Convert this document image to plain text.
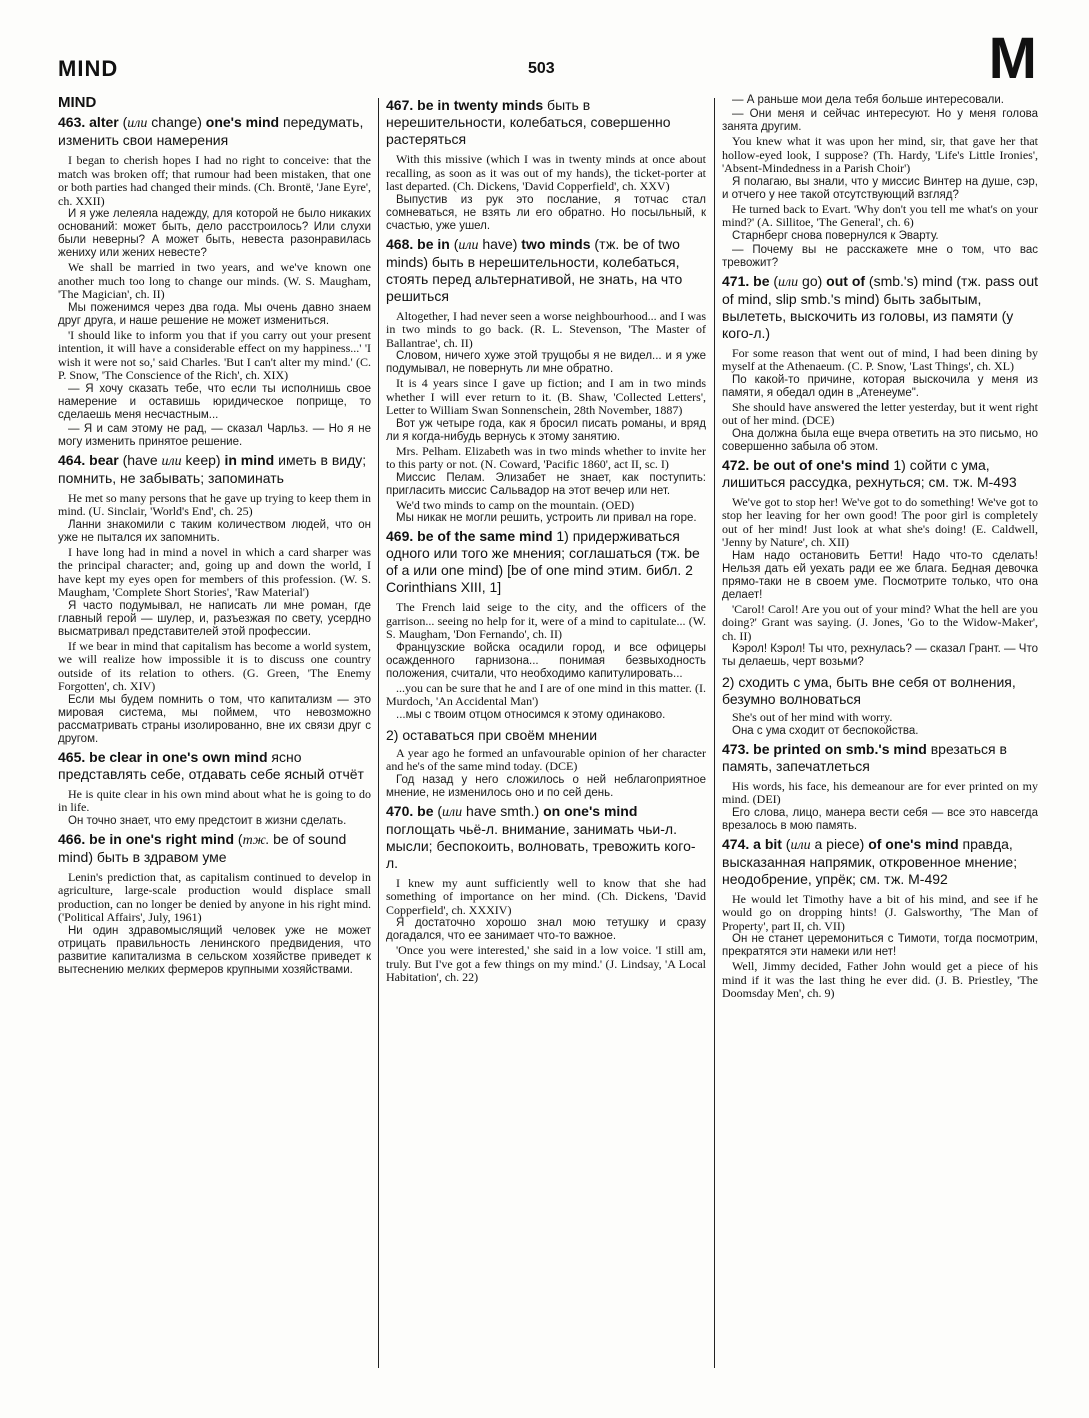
MIND	503	M
MIND
463. alter (или change) one's mind передумать, изменить свои намерения

I began to cherish hopes I had no right to conceive: that the match was broken off; that rumour had been mistaken, that one or both parties had changed their minds. (Ch. Brontë, 'Jane Eyre', ch. XXII)

И я уже лелеяла надежду, для которой не было никаких оснований: может быть, дело расстроилось? Или слухи были неверны? А может быть, невеста разонравилась жениху или жених невесте?

We shall be married in two years, and we've known one another much too long to change our minds. (W. S. Maugham, 'The Magician', ch. II)

Мы поженимся через два года. Мы очень давно знаем друг друга, и наше решение не может измениться.

'I should like to inform you that if you carry out your present intention, it will have a considerable effect on my happiness...' 'I wish it were not so,' said Charles. 'But I can't alter my mind.' (C. P. Snow, 'The Conscience of the Rich', ch. XIX)

— Я хочу сказать тебе, что если ты исполнишь свое намерение и оставишь юридическое поприще, то сделаешь меня несчастным...

— Я и сам этому не рад, — сказал Чарльз. — Но я не могу изменить принятое решение.

464. bear (have или keep) in mind иметь в виду; помнить, не забывать; запоминать

He met so many persons that he gave up trying to keep them in mind. (U. Sinclair, 'World's End', ch. 25)

Ланни знакомили с таким количеством людей, что он уже не пытался их запомнить.

I have long had in mind a novel in which a card sharper was the principal character; and, going up and down the world, I have kept my eyes open for members of this profession. (W. S. Maugham, 'Complete Short Stories', 'Raw Material')

Я часто подумывал, не написать ли мне роман, где главный герой — шулер, и, разъезжая по свету, усердно высматривал представителей этой профессии.

If we bear in mind that capitalism has become a world system, we will realize how impossible it is to discuss one country outside of its relation to others. (G. Green, 'The Enemy Forgotten', ch. XIV)

Если мы будем помнить о том, что капитализм — это мировая система, мы поймем, что невозможно рассматривать страны изолированно, вне их связи друг с другом.

465. be clear in one's own mind ясно представлять себе, отдавать себе ясный отчёт

He is quite clear in his own mind about what he is going to do in life.

Он точно знает, что ему предстоит в жизни сделать.

466. be in one's right mind (тж. be of sound mind) быть в здравом уме

Lenin's prediction that, as capitalism continued to develop in agriculture, large-scale production would displace small production, can no longer be denied by anyone in his right mind. ('Political Affairs', July, 1961)

Ни один здравомыслящий человек уже не может отрицать правильность ленинского предвидения, что развитие капитализма в сельском хозяйстве приведет к вытеснению мелких фермеров крупными хозяйствами.

467. be in twenty minds быть в нерешительности, колебаться, совершенно растеряться

With this missive (which I was in twenty minds at once about recalling, as soon as it was out of my hands), the ticket-porter at last departed. (Ch. Dickens, 'David Copperfield', ch. XXV)

Выпустив из рук это послание, я тотчас стал сомневаться, не взять ли его обратно. Но посыльный, к счастью, уже ушел.

468. be in (или have) two minds (тж. be of two minds) быть в нерешительности, колебаться, стоять перед альтернативой, не знать, на что решиться

Altogether, I had never seen a worse neighbourhood... and I was in two minds to go back. (R. L. Stevenson, 'The Master of Ballantrae', ch. II)

Словом, ничего хуже этой трущобы я не видел... и я уже подумывал, не повернуть ли мне обратно.

It is 4 years since I gave up fiction; and I am in two minds whether I will ever return to it. (B. Shaw, 'Collected Letters', Letter to William Swan Sonnenschein, 28th November, 1887)

Вот уж четыре года, как я бросил писать романы, и вряд ли я когда-нибудь вернусь к этому занятию.

Mrs. Pelham. Elizabeth was in two minds whether to invite her to this party or not. (N. Coward, 'Pacific 1860', act II, sc. I)

Миссис Пелам. Элизабет не знает, как поступить: пригласить миссис Сальвадор на этот вечер или нет.

We'd two minds to camp on the mountain. (OED)

Мы никак не могли решить, устроить ли привал на горе.

469. be of the same mind 1) придерживаться одного или того же мнения; соглашаться (тж. be of a или one mind) [be of one mind этим. библ. 2 Corinthians XIII, 1]

The French laid seige to the city, and the officers of the garrison... seeing no help for it, were of a mind to capitulate... (W. S. Maugham, 'Don Fernando', ch. II)

Французские войска осадили город, и все офицеры осажденного гарнизона... понимая безвыходность положения, считали, что необходимо капитулировать...

...you can be sure that he and I are of one mind in this matter. (I. Murdoch, 'An Accidental Man')

...мы с твоим отцом относимся к этому одинаково.

2) оставаться при своём мнении

A year ago he formed an unfavourable opinion of her character and he's of the same mind today. (DCE)

Год назад у него сложилось о ней неблагоприятное мнение, не изменилось оно и по сей день.

470. be (или have smth.) on one's mind поглощать чьё-л. внимание, занимать чьи-л. мысли; беспокоить, волновать, тревожить кого-л.

I knew my aunt sufficiently well to know that she had something of importance on her mind. (Ch. Dickens, 'David Copperfield', ch. XXXIV)

Я достаточно хорошо знал мою тетушку и сразу догадался, что ее занимает что-то важное.

'Once you were interested,' she said in a low voice. 'I still am, truly. But I've got a few things on my mind.' (J. Lindsay, 'A Local Habitation', ch. 22)

— А раньше мои дела тебя больше интересовали.

— Они меня и сейчас интересуют. Но у меня голова занята другим.

You knew what it was upon her mind, sir, that gave her that hollow-eyed look, I suppose? (Th. Hardy, 'Life's Little Ironies', 'Absent-Mindedness in a Parish Choir')

Я полагаю, вы знали, что у миссис Винтер на душе, сэр, и отчего у нее такой отсутствующий взгляд?

He turned back to Evart. 'Why don't you tell me what's on your mind?' (A. Sillitoe, 'The General', ch. 6)

Старнберг снова повернулся к Эварту.

— Почему вы не расскажете мне о том, что вас тревожит?

471. be (или go) out of (smb.'s) mind (тж. pass out of mind, slip smb.'s mind) быть забытым, вылететь, выскочить из головы, из памяти (у кого-л.)

For some reason that went out of mind, I had been dining by myself at the Athenaeum. (C. P. Snow, 'Last Things', ch. XL)

По какой-то причине, которая выскочила у меня из памяти, я обедал один в „Атенеуме".

She should have answered the letter yesterday, but it went right out of her mind. (DCE)

Она должна была еще вчера ответить на это письмо, но совершенно забыла об этом.

472. be out of one's mind 1) сойти с ума, лишиться рассудка, рехнуться; см. тж. M-493

We've got to stop her! We've got to do something! We've got to stop her leaving for her own good! The poor girl is completely out of her mind! Just look at what she's doing! (E. Caldwell, 'Jenny by Nature', ch. XII)

Нам надо остановить Бетти! Надо что-то сделать! Нельзя дать ей уехать ради ее же блага. Бедная девочка прямо-таки не в своем уме. Посмотрите только, что она делает!

'Carol! Carol! Are you out of your mind? What the hell are you doing?' Grant was saying. (J. Jones, 'Go to the Widow-Maker', ch. II)

Кэрол! Кэрол! Ты что, рехнулась? — сказал Грант. — Что ты делаешь, черт возьми?

2) сходить с ума, быть вне себя от волнения, безумно волноваться

She's out of her mind with worry.

Она с ума сходит от беспокойства.

473. be printed on smb.'s mind врезаться в память, запечатлеться

His words, his face, his demeanour are for ever printed on my mind. (DEI)

Его слова, лицо, манера вести себя — все это навсегда врезалось в мою память.

474. a bit (или a piece) of one's mind правда, высказанная напрямик, откровенное мнение; неодобрение, упрёк; см. тж. M-492

He would let Timothy have a bit of his mind, and see if he would go on dropping hints! (J. Galsworthy, 'The Man of Property', part II, ch. VII)

Он не станет церемониться с Тимоти, тогда посмотрим, прекратятся эти намеки или нет!

Well, Jimmy decided, Father John would get a piece of his mind if it was the last thing he ever did. (J. B. Priestley, 'The Doomsday Men', ch. 9)
